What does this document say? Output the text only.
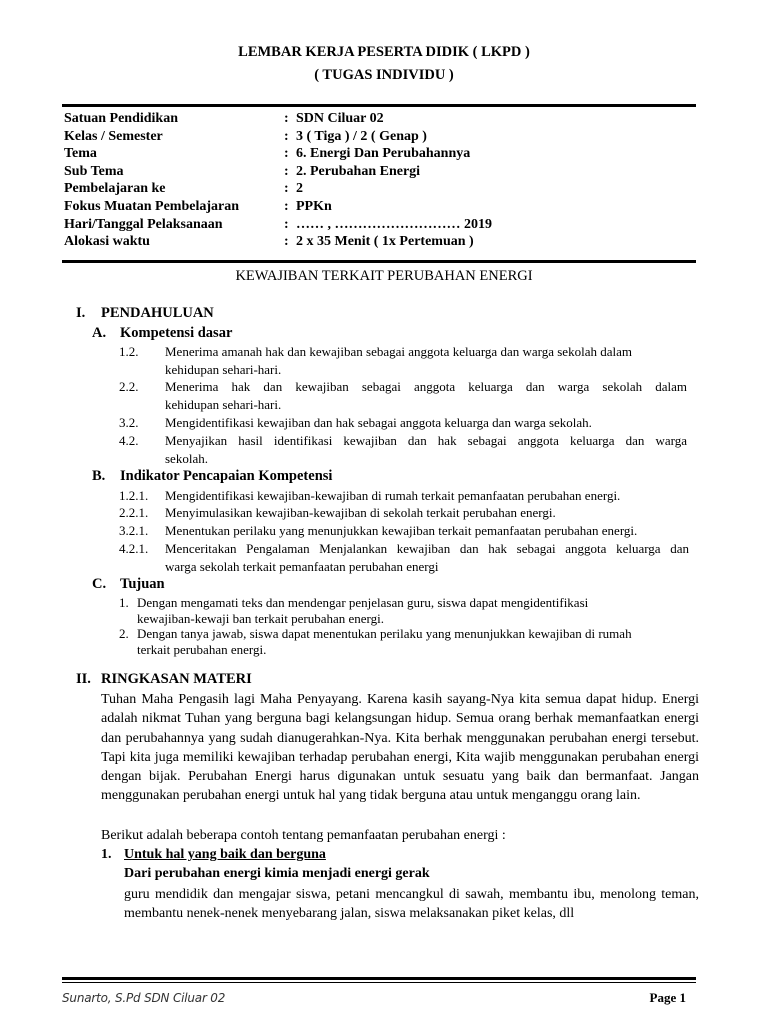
LEMBAR KERJA PESERTA DIDIK ( LKPD )
( TUGAS INDIVIDU )
Satuan Pendidikan	: SDN Ciluar 02
Kelas / Semester	: 3 ( Tiga ) / 2 ( Genap )
Tema	: 6. Energi Dan Perubahannya
Sub Tema	: 2. Perubahan Energi
Pembelajaran ke	: 2
Fokus Muatan Pembelajaran	: PPKn
Hari/Tanggal Pelaksanaan	: …… , ……………………… 2019
Alokasi waktu	: 2 x 35 Menit ( 1x Pertemuan )
KEWAJIBAN TERKAIT PERUBAHAN ENERGI
I. PENDAHULUAN
A. Kompetensi dasar
1.2. Menerima amanah hak dan kewajiban sebagai anggota keluarga dan warga sekolah dalam
kehidupan sehari-hari.
2.2. Menerima hak dan kewajiban sebagai anggota keluarga dan warga sekolah dalam
kehidupan sehari-hari.
3.2. Mengidentifikasi kewajiban dan hak sebagai anggota keluarga dan warga sekolah.
4.2. Menyajikan hasil identifikasi kewajiban dan hak sebagai anggota keluarga dan warga
sekolah.
B. Indikator Pencapaian Kompetensi
1.2.1. Mengidentifikasi kewajiban-kewajiban di rumah terkait pemanfaatan perubahan energi.
2.2.1. Menyimulasikan kewajiban-kewajiban di sekolah terkait perubahan energi.
3.2.1. Menentukan perilaku yang menunjukkan kewajiban terkait pemanfaatan perubahan energi.
4.2.1. Menceritakan Pengalaman Menjalankan kewajiban dan hak sebagai anggota keluarga dan
warga sekolah terkait pemanfaatan perubahan energi
C. Tujuan
1. Dengan mengamati teks dan mendengar penjelasan guru, siswa dapat mengidentifikasi
kewajiban-kewaji ban terkait perubahan energi.
2. Dengan tanya jawab, siswa dapat menentukan perilaku yang menunjukkan kewajiban di rumah
terkait perubahan energi.
II. RINGKASAN MATERI
Tuhan Maha Pengasih lagi Maha Penyayang. Karena kasih sayang-Nya kita semua dapat hidup. Energi adalah nikmat Tuhan yang berguna bagi kelangsungan hidup. Semua orang berhak memanfaatkan energi dan perubahannya yang sudah dianugerahkan-Nya. Kita berhak menggunakan perubahan energi tersebut. Tapi kita juga memiliki kewajiban terhadap perubahan energi, Kita wajib menggunakan perubahan energi dengan bijak. Perubahan Energi harus digunakan untuk sesuatu yang baik dan bermanfaat. Jangan menggunakan perubahan energi untuk hal yang tidak berguna atau untuk menganggu orang lain.
Berikut adalah beberapa contoh tentang pemanfaatan perubahan energi :
1. Untuk hal yang baik dan berguna
Dari perubahan energi kimia menjadi energi gerak
guru mendidik dan mengajar siswa, petani mencangkul di sawah, membantu ibu, menolong teman, membantu nenek-nenek menyebarang jalan, siswa melaksanakan piket kelas, dll
Sunarto, S.Pd SDN Ciluar 02	Page 1
